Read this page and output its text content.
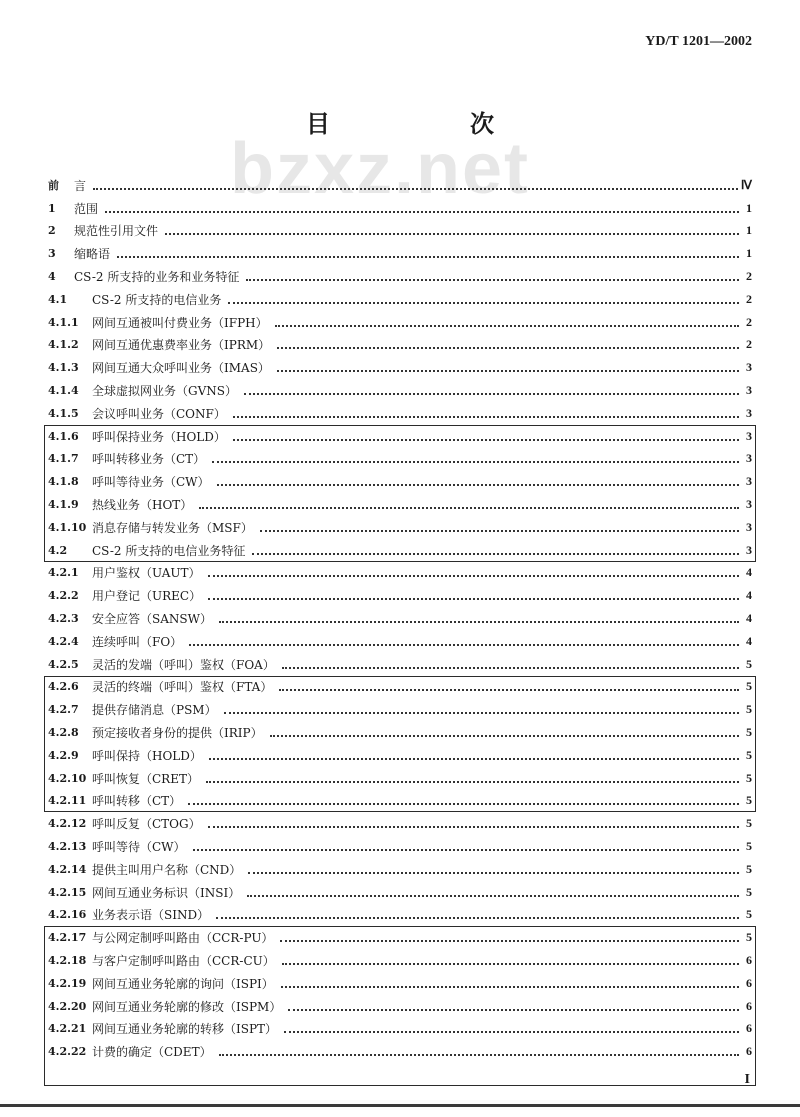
YD/T 1201—2002
bzxz.net
目　次
前	言	Ⅳ
1	范围	1
2	规范性引用文件	1
3	缩略语	1
4	CS-2 所支持的业务和业务特征	2
4.1	CS-2 所支持的电信业务	2
4.1.1	网间互通被叫付费业务（IFPH）	2
4.1.2	网间互通优惠费率业务（IPRM）	2
4.1.3	网间互通大众呼叫业务（IMAS）	3
4.1.4	全球虚拟网业务（GVNS）	3
4.1.5	会议呼叫业务（CONF）	3
4.1.6	呼叫保持业务（HOLD）	3
4.1.7	呼叫转移业务（CT）	3
4.1.8	呼叫等待业务（CW）	3
4.1.9	热线业务（HOT）	3
4.1.10 消息存储与转发业务（MSF）	3
4.2	CS-2 所支持的电信业务特征	3
4.2.1	用户鉴权（UAUT）	4
4.2.2	用户登记（UREC）	4
4.2.3	安全应答（SANSW）	4
4.2.4	连续呼叫（FO）	4
4.2.5	灵活的发端（呼叫）鉴权（FOA）	5
4.2.6	灵活的终端（呼叫）鉴权（FTA）	5
4.2.7	提供存储消息（PSM）	5
4.2.8	预定接收者身份的提供（IRIP）	5
4.2.9	呼叫保持（HOLD）	5
4.2.10 呼叫恢复（CRET）	5
4.2.11 呼叫转移（CT）	5
4.2.12 呼叫反复（CTOG）	5
4.2.13 呼叫等待（CW）	5
4.2.14 提供主叫用户名称（CND）	5
4.2.15 网间互通业务标识（INSI）	5
4.2.16 业务表示语（SIND）	5
4.2.17 与公网定制呼叫路由（CCR-PU）	5
4.2.18 与客户定制呼叫路由（CCR-CU）	6
4.2.19 网间互通业务轮廓的询问（ISPI）	6
4.2.20 网间互通业务轮廓的修改（ISPM）	6
4.2.21 网间互通业务轮廓的转移（ISPT）	6
4.2.22 计费的确定（CDET）	6
I
